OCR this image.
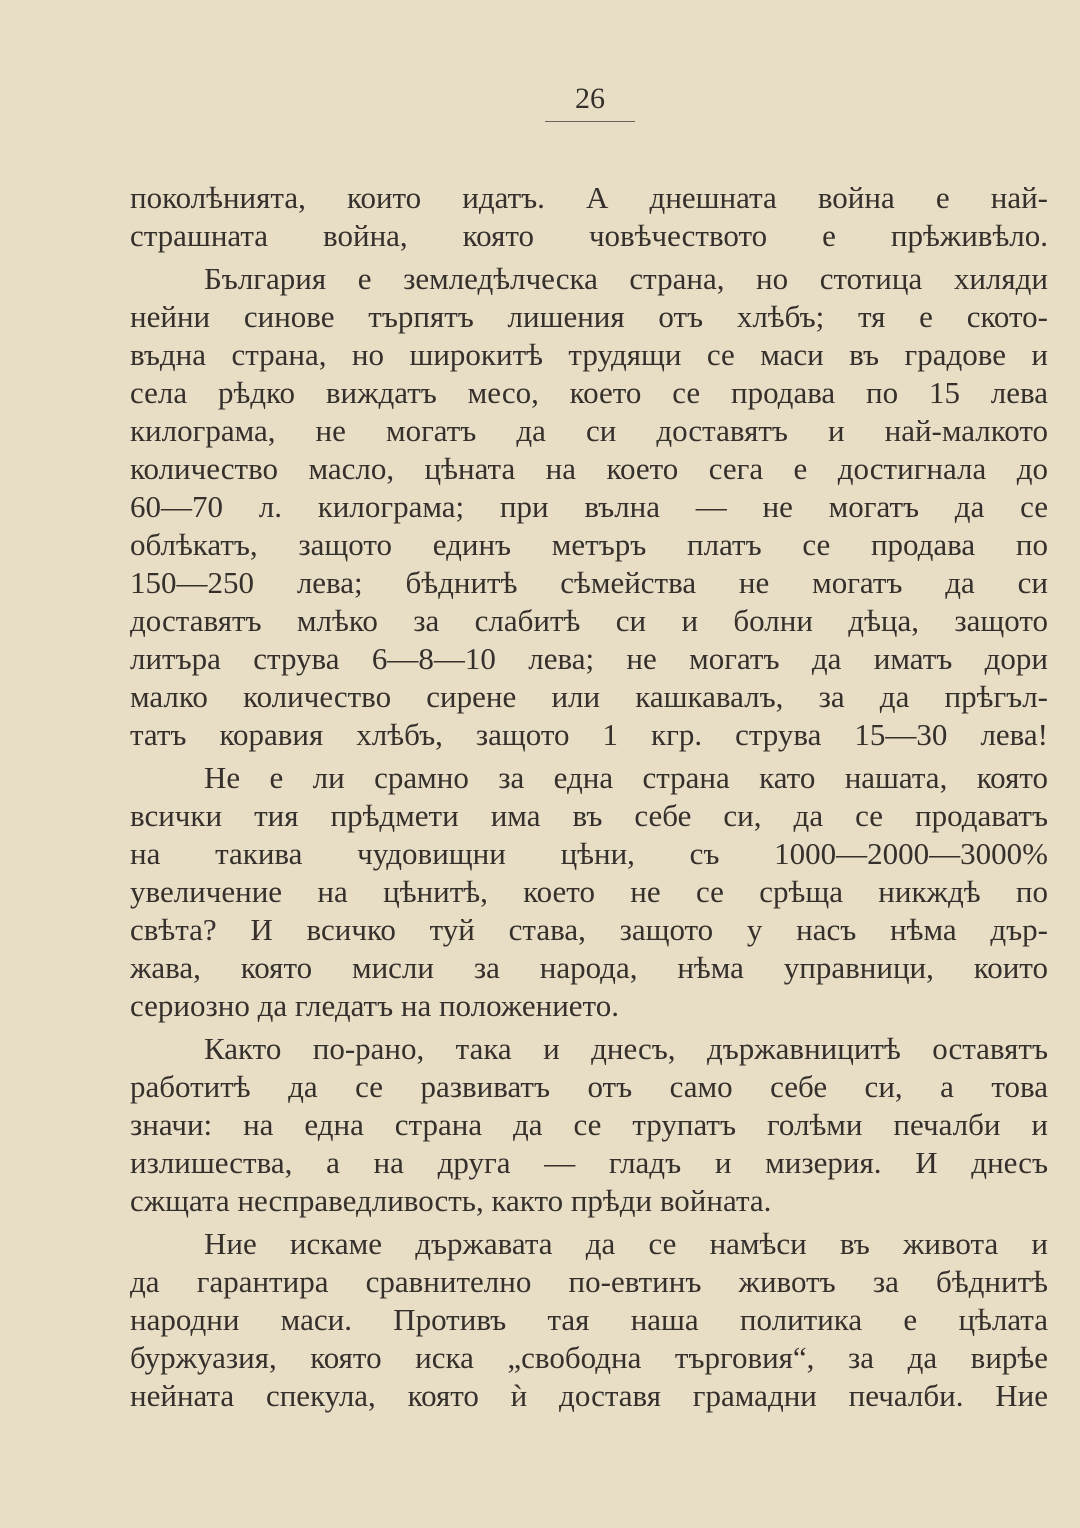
26
поколѣнията, които идатъ. А днешната война е най-
страшната война, която човѣчеството е прѣживѣло.
България е земледѣлческа страна, но стотица хиляди
нейни синове търпятъ лишения отъ хлѣбъ; тя е ското-
въдна страна, но широкитѣ трудящи се маси въ градове и
села рѣдко виждатъ месо, което се продава по 15 лева
килограма, не могатъ да си доставятъ и най-малкото
количество масло, цѣната на което сега е достигнала до
60—70 л. килограма; при вълна — не могатъ да се
облѣкатъ, защото единъ метъръ платъ се продава по
150—250 лева; бѣднитѣ сѣмейства не могатъ да си
доставятъ млѣко за слабитѣ си и болни дѣца, защото
литъра струва 6—8—10 лева; не могатъ да иматъ дори
малко количество сирене или кашкавалъ, за да прѣгъл-
татъ коравия хлѣбъ, защото 1 кгр. струва 15—30 лева!
Не е ли срамно за една страна като нашата, която
всички тия прѣдмети има въ себе си, да се продаватъ
на такива чудовищни цѣни, съ 1000—2000—3000%
увеличение на цѣнитѣ, което не се срѣща никждѣ по
свѣта? И всичко туй става, защото у насъ нѣма дър-
жава, която мисли за народа, нѣма управници, които
сериозно да гледатъ на положението.
Както по-рано, така и днесъ, държавницитѣ оставятъ
работитѣ да се развиватъ отъ само себе си, а това
значи: на една страна да се трупатъ голѣми печалби и
излишества, а на друга — гладъ и мизерия. И днесъ
сжщата несправедливость, както прѣди войната.
Ние искаме държавата да се намѣси въ живота и
да гарантира сравнително по-евтинъ животъ за бѣднитѣ
народни маси. Противъ тая наша политика е цѣлата
буржуазия, която иска „свободна търговия“, за да вирѣе
нейната спекула, която ѝ доставя грамадни печалби. Ние
